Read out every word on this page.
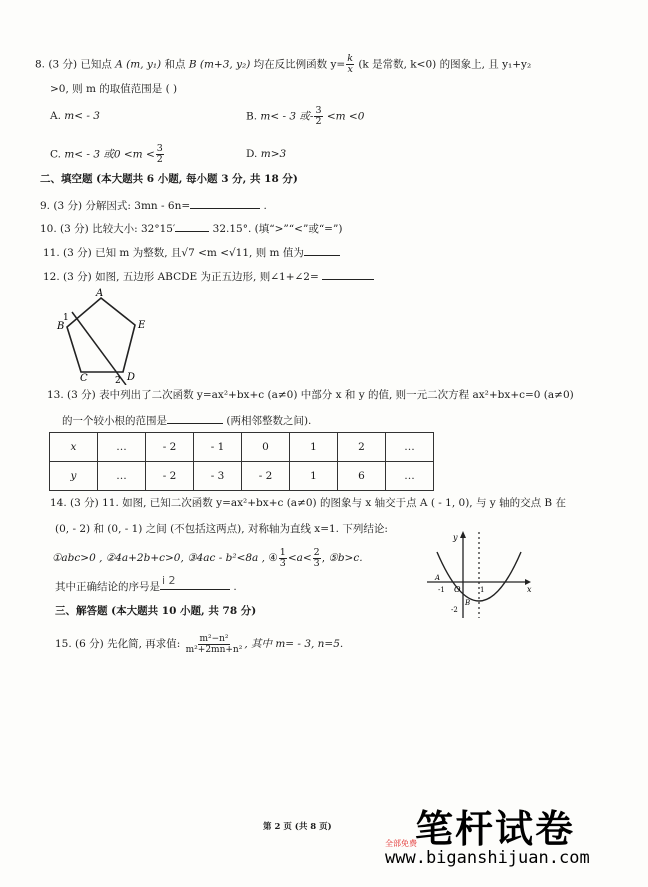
8. (3 分) 已知点 A (m, y₁) 和点 B (m+3, y₂) 均在反比例函数 $y= \frac{k}{x} (k$ 是常数, k<0) 的图象上, 且 y₁+y₂
>0, 则 m 的取值范围是 ( )
A. m< - 3	B. m< - 3 或- $\frac{3}{2} <m <0$
C. m< - 3 或$0 <m < \frac{3}{2}$	D. m>3
二、填空题 (本大题共 6 小题, 每小题 3 分, 共 18 分)
9. (3 分) 分解因式: 3mn - 6n=	.
10. (3 分) 比较大小: 32°15′	32.15°. (填“>”“<”或“=”)
11. (3 分) 已知 m 为整数, 且√7 <m <√11, 则 m 值为
12. (3 分) 如图, 五边形 ABCDE 为正五边形, 则∠1+∠2=
A
E
B
C	D
1
2
13. (3 分) 表中列出了二次函数 y=ax²+bx+c (a≠0) 中部分 x 和 y 的值, 则一元二次方程 ax²+bx+c=0 (a≠0)
的一个较小根的范围是	(两相邻整数之间).
x	…	- 2	- 1	0	1	2	…
y	…	- 2	- 3	- 2	1	6	…
14. (3 分) 11. 如图, 已知二次函数 y=ax²+bx+c (a≠0) 的图象与 x 轴交于点 A ( - 1, 0), 与 y 轴的交点 B 在
(0, - 2) 和 (0, - 1) 之间 (不包括这两点), 对称轴为直线 x=1. 下列结论:
①abc>0 , ②4a+2b+c>0, ③4ac - b²<8a , ④ $\frac{1}{3} <a< \frac{2}{3}$ , ⑤b>c.
其中正确结论的序号是 i 2	.
y
x
O
-1	1
-2
B
A
三、解答题 (本大题共 10 小题, 共 78 分)
15. (6 分) 先化简, 再求值: $\frac{\text{m²−n²}}{\text{m²+2mn+n²}}$ , 其中 m= - 3, n=5.
第 2 页 (共 8 页) 笔杆试卷
全部免费
www.biganshijuan.com
